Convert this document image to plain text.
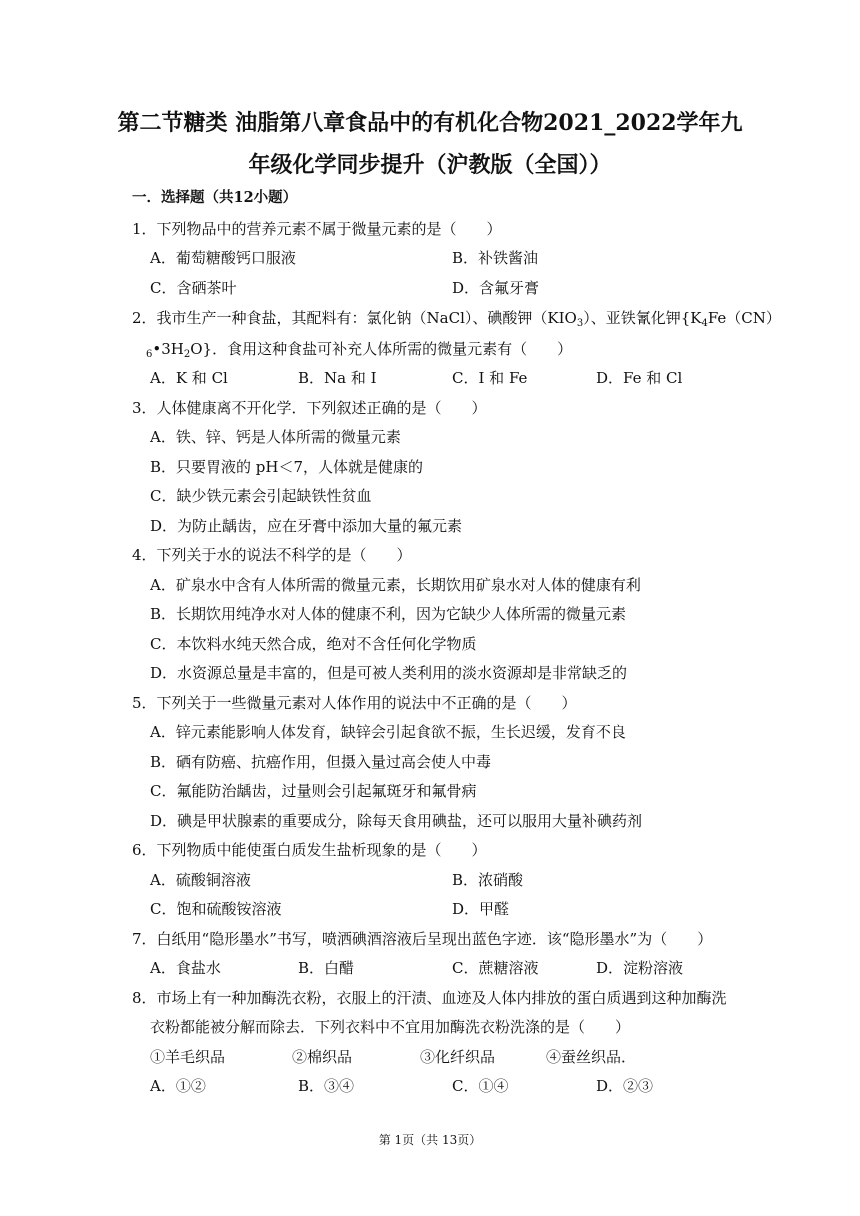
第二节糖类 油脂第八章食品中的有机化合物2021_2022学年九
年级化学同步提升（沪教版（全国））
一．选择题（共12小题）
1．下列物品中的营养元素不属于微量元素的是（　　）
A．葡萄糖酸钙口服液	B．补铁酱油
C．含硒茶叶	D．含氟牙膏
2．我市生产一种食盐，其配料有：氯化钠（NaCl）、碘酸钾$(KIO_3)$、亚铁氰化钾{$K_4Fe(CN)$
$_6•3H_2O$}．食用这种食盐可补充人体所需的微量元素有（　　）
A．K 和 Cl	B．Na 和 I	C．I 和 Fe	D．Fe 和 Cl
3．人体健康离不开化学．下列叙述正确的是（　　）
A．铁、锌、钙是人体所需的微量元素
B．只要胃液的 pH＜7，人体就是健康的
C．缺少铁元素会引起缺铁性贫血
D．为防止龋齿，应在牙膏中添加大量的氟元素
4．下列关于水的说法不科学的是（　　）
A．矿泉水中含有人体所需的微量元素，长期饮用矿泉水对人体的健康有利
B．长期饮用纯净水对人体的健康不利，因为它缺少人体所需的微量元素
C．本饮料水纯天然合成，绝对不含任何化学物质
D．水资源总量是丰富的，但是可被人类利用的淡水资源却是非常缺乏的
5．下列关于一些微量元素对人体作用的说法中不正确的是（　　）
A．锌元素能影响人体发育，缺锌会引起食欲不振，生长迟缓，发育不良
B．硒有防癌、抗癌作用，但摄入量过高会使人中毒
C．氟能防治龋齿，过量则会引起氟斑牙和氟骨病
D．碘是甲状腺素的重要成分，除每天食用碘盐，还可以服用大量补碘药剂
6．下列物质中能使蛋白质发生盐析现象的是（　　）
A．硫酸铜溶液	B．浓硝酸
C．饱和硫酸铵溶液	D．甲醛
7．白纸用“隐形墨水”书写，喷洒碘酒溶液后呈现出蓝色字迹．该“隐形墨水”为（　　）
A．食盐水	B．白醋	C．蔗糖溶液	D．淀粉溶液
8．市场上有一种加酶洗衣粉，衣服上的汗渍、血迹及人体内排放的蛋白质遇到这种加酶洗
衣粉都能被分解而除去．下列衣料中不宜用加酶洗衣粉洗涤的是（　　）
①羊毛织品	②棉织品	③化纤织品	④蚕丝织品．
A．①②	B．③④	C．①④	D．②③
第 1页（共 13页）
